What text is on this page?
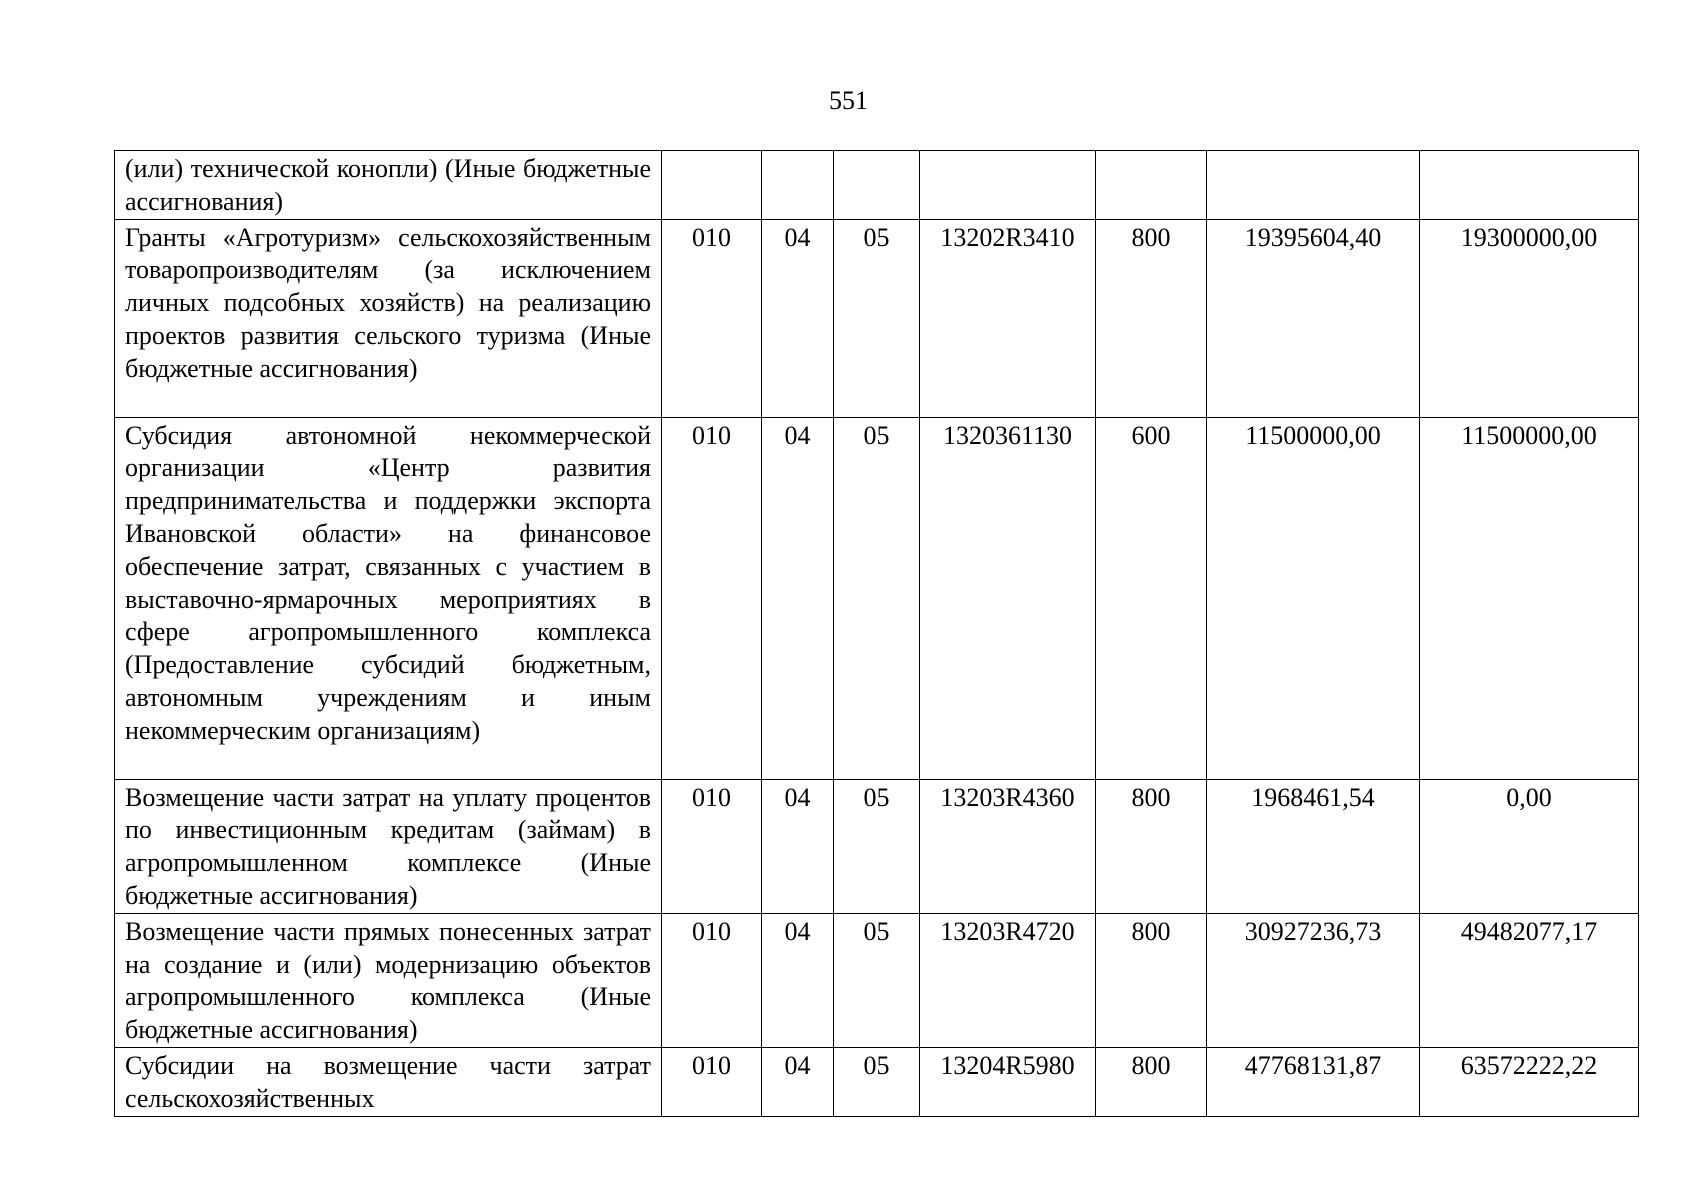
551
(или) технической конопли) (Иные бюджетные ассигнования)							
Гранты «Агротуризм» сельскохозяйственным товаропроизводителям (за исключением личных подсобных хозяйств) на реализацию проектов развития сельского туризма (Иные бюджетные ассигнования)	010	04	05	13202R3410	800	19395604,40	19300000,00
Субсидия автономной некоммерческой организации «Центр развития предпринимательства и поддержки экспорта Ивановской области» на финансовое обеспечение затрат, связанных с участием в выставочно-ярмарочных мероприятиях в сфере агропромышленного комплекса (Предоставление субсидий бюджетным, автономным учреждениям и иным некоммерческим организациям)	010	04	05	1320361130	600	11500000,00	11500000,00
Возмещение части затрат на уплату процентов по инвестиционным кредитам (займам) в агропромышленном комплексе (Иные бюджетные ассигнования)	010	04	05	13203R4360	800	1968461,54	0,00
Возмещение части прямых понесенных затрат на создание и (или) модернизацию объектов агропромышленного комплекса (Иные бюджетные ассигнования)	010	04	05	13203R4720	800	30927236,73	49482077,17
Субсидии на возмещение части затрат сельскохозяйственных	010	04	05	13204R5980	800	47768131,87	63572222,22
